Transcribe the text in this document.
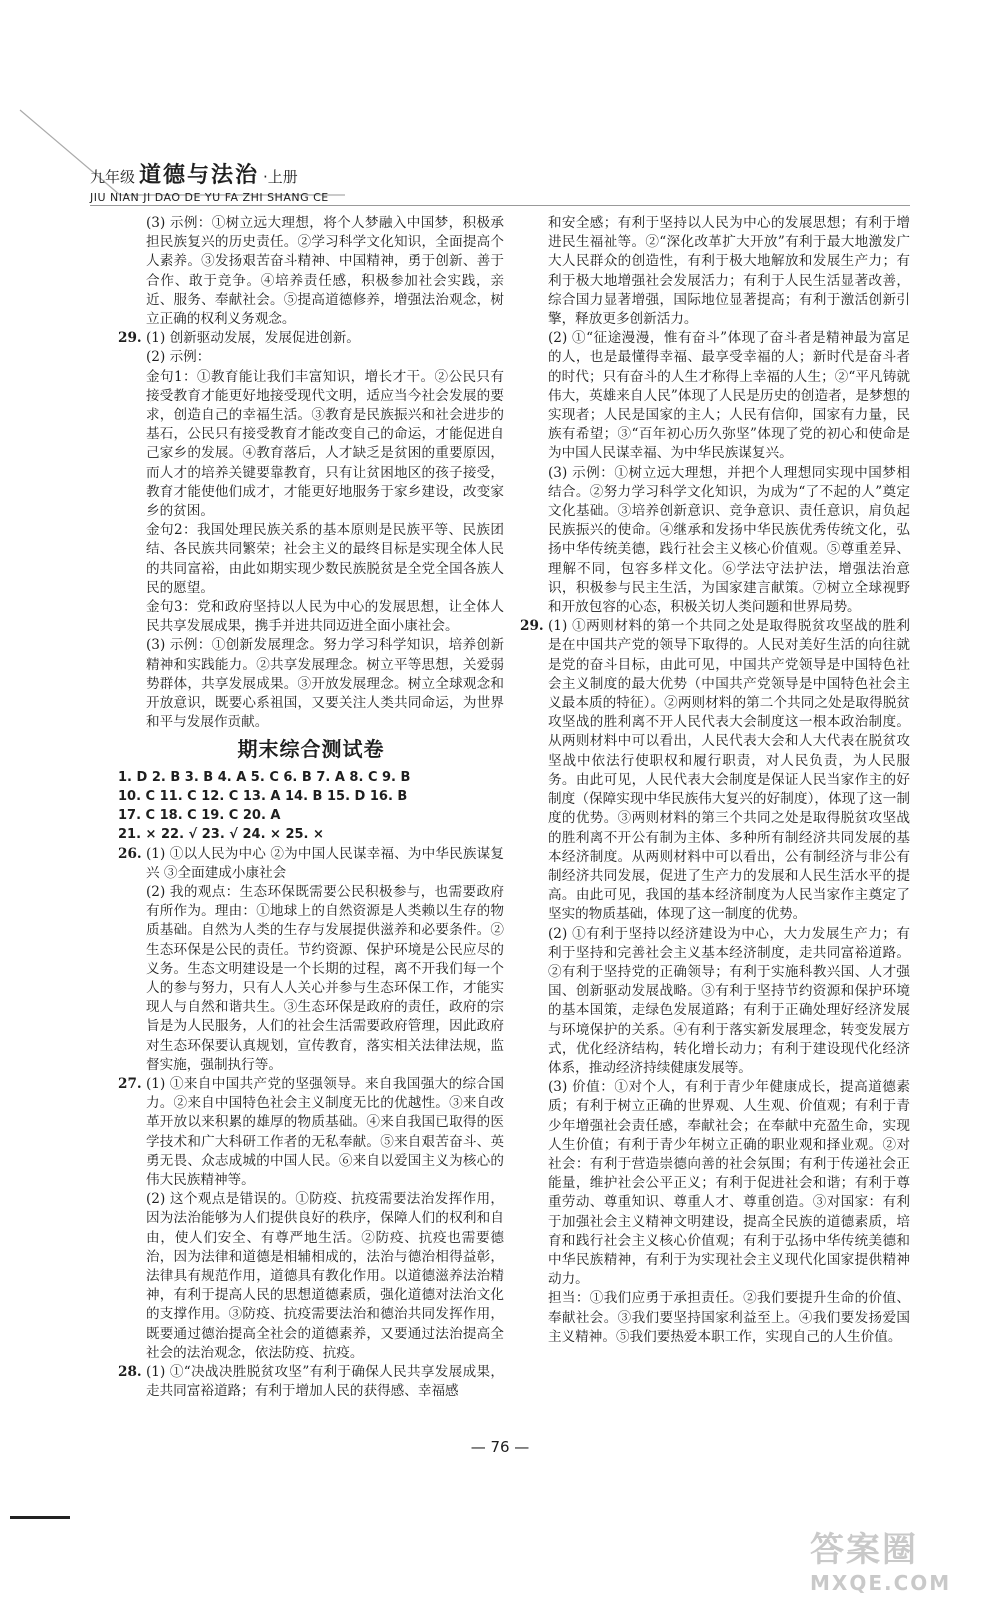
九年级 道德与法治 ·上册
JIU NIAN JI DAO DE YU FA ZHI SHANG CE

(3) 示例：①树立远大理想，将个人梦融入中国梦，积极承担民族复兴的历史责任。②学习科学文化知识，全面提高个人素养。③发扬艰苦奋斗精神、中国精神，勇于创新、善于合作、敢于竞争。④培养责任感，积极参加社会实践，亲近、服务、奉献社会。⑤提高道德修养，增强法治观念，树立正确的权利义务观念。

29. (1) 创新驱动发展，发展促进创新。

(2) 示例：

金句1：①教育能让我们丰富知识，增长才干。②公民只有接受教育才能更好地接受现代文明，适应当今社会发展的要求，创造自己的幸福生活。③教育是民族振兴和社会进步的基石，公民只有接受教育才能改变自己的命运，才能促进自己家乡的发展。④教育落后，人才缺乏是贫困的重要原因，而人才的培养关键要靠教育，只有让贫困地区的孩子接受，教育才能使他们成才，才能更好地服务于家乡建设，改变家乡的贫困。

金句2：我国处理民族关系的基本原则是民族平等、民族团结、各民族共同繁荣；社会主义的最终目标是实现全体人民的共同富裕，由此如期实现少数民族脱贫是全党全国各族人民的愿望。

金句3：党和政府坚持以人民为中心的发展思想，让全体人民共享发展成果，携手并进共同迈进全面小康社会。

(3) 示例：①创新发展理念。努力学习科学知识，培养创新精神和实践能力。②共享发展理念。树立平等思想，关爱弱势群体，共享发展成果。③开放发展理念。树立全球观念和开放意识，既要心系祖国，又要关注人类共同命运，为世界和平与发展作贡献。

期末综合测试卷

1. D 2. B 3. B 4. A 5. C 6. B 7. A 8. C 9. B

10. C 11. C 12. C 13. A 14. B 15. D 16. B

17. C 18. C 19. C 20. A

21. × 22. √ 23. √ 24. × 25. ×

26. (1) ①以人民为中心 ②为中国人民谋幸福、为中华民族谋复兴 ③全面建成小康社会

(2) 我的观点：生态环保既需要公民积极参与，也需要政府有所作为。理由：①地球上的自然资源是人类赖以生存的物质基础。自然为人类的生存与发展提供滋养和必要条件。②生态环保是公民的责任。节约资源、保护环境是公民应尽的义务。生态文明建设是一个长期的过程，离不开我们每一个人的参与努力，只有人人关心并参与生态环保工作，才能实现人与自然和谐共生。③生态环保是政府的责任，政府的宗旨是为人民服务，人们的社会生活需要政府管理，因此政府对生态环保要认真规划，宣传教育，落实相关法律法规，监督实施，强制执行等。

27. (1) ①来自中国共产党的坚强领导。来自我国强大的综合国力。②来自中国特色社会主义制度无比的优越性。③来自改革开放以来积累的雄厚的物质基础。④来自我国已取得的医学技术和广大科研工作者的无私奉献。⑤来自艰苦奋斗、英勇无畏、众志成城的中国人民。⑥来自以爱国主义为核心的伟大民族精神等。

(2) 这个观点是错误的。①防疫、抗疫需要法治发挥作用，因为法治能够为人们提供良好的秩序，保障人们的权利和自由，使人们安全、有尊严地生活。②防疫、抗疫也需要德治，因为法律和道德是相辅相成的，法治与德治相得益彰，法律具有规范作用，道德具有教化作用。以道德滋养法治精神，有利于提高人民的思想道德素质，强化道德对法治文化的支撑作用。③防疫、抗疫需要法治和德治共同发挥作用，既要通过德治提高全社会的道德素养，又要通过法治提高全社会的法治观念，依法防疫、抗疫。

28. (1) ①“决战决胜脱贫攻坚”有利于确保人民共享发展成果，走共同富裕道路；有利于增加人民的获得感、幸福感

和安全感；有利于坚持以人民为中心的发展思想；有利于增进民生福祉等。②“深化改革扩大开放”有利于最大地激发广大人民群众的创造性，有利于极大地解放和发展生产力；有利于极大地增强社会发展活力；有利于人民生活显著改善，综合国力显著增强，国际地位显著提高；有利于激活创新引擎，释放更多创新活力。

(2) ①“征途漫漫，惟有奋斗”体现了奋斗者是精神最为富足的人，也是最懂得幸福、最享受幸福的人；新时代是奋斗者的时代；只有奋斗的人生才称得上幸福的人生；②“平凡铸就伟大，英雄来自人民”体现了人民是历史的创造者，是梦想的实现者；人民是国家的主人；人民有信仰，国家有力量，民族有希望；③“百年初心历久弥坚”体现了党的初心和使命是为中国人民谋幸福、为中华民族谋复兴。

(3) 示例：①树立远大理想，并把个人理想同实现中国梦相结合。②努力学习科学文化知识，为成为“了不起的人”奠定文化基础。③培养创新意识、竞争意识、责任意识，肩负起民族振兴的使命。④继承和发扬中华民族优秀传统文化，弘扬中华传统美德，践行社会主义核心价值观。⑤尊重差异、理解不同，包容多样文化。⑥学法守法护法，增强法治意识，积极参与民主生活，为国家建言献策。⑦树立全球视野和开放包容的心态，积极关切人类问题和世界局势。

29. (1) ①两则材料的第一个共同之处是取得脱贫攻坚战的胜利是在中国共产党的领导下取得的。人民对美好生活的向往就是党的奋斗目标，由此可见，中国共产党领导是中国特色社会主义制度的最大优势（中国共产党领导是中国特色社会主义最本质的特征）。②两则材料的第二个共同之处是取得脱贫攻坚战的胜利离不开人民代表大会制度这一根本政治制度。从两则材料中可以看出，人民代表大会和人大代表在脱贫攻坚战中依法行使职权和履行职责，对人民负责，为人民服务。由此可见，人民代表大会制度是保证人民当家作主的好制度（保障实现中华民族伟大复兴的好制度），体现了这一制度的优势。③两则材料的第三个共同之处是取得脱贫攻坚战的胜利离不开公有制为主体、多种所有制经济共同发展的基本经济制度。从两则材料中可以看出，公有制经济与非公有制经济共同发展，促进了生产力的发展和人民生活水平的提高。由此可见，我国的基本经济制度为人民当家作主奠定了坚实的物质基础，体现了这一制度的优势。

(2) ①有利于坚持以经济建设为中心，大力发展生产力；有利于坚持和完善社会主义基本经济制度，走共同富裕道路。②有利于坚持党的正确领导；有利于实施科教兴国、人才强国、创新驱动发展战略。③有利于坚持节约资源和保护环境的基本国策，走绿色发展道路；有利于正确处理好经济发展与环境保护的关系。④有利于落实新发展理念，转变发展方式，优化经济结构，转化增长动力；有利于建设现代化经济体系，推动经济持续健康发展等。

(3) 价值：①对个人，有利于青少年健康成长，提高道德素质；有利于树立正确的世界观、人生观、价值观；有利于青少年增强社会责任感，奉献社会；在奉献中充盈生命，实现人生价值；有利于青少年树立正确的职业观和择业观。②对社会：有利于营造崇德向善的社会氛围；有利于传递社会正能量，维护社会公平正义；有利于促进社会和谐；有利于尊重劳动、尊重知识、尊重人才、尊重创造。③对国家：有利于加强社会主义精神文明建设，提高全民族的道德素质，培育和践行社会主义核心价值观；有利于弘扬中华传统美德和中华民族精神，有利于为实现社会主义现代化国家提供精神动力。

担当：①我们应勇于承担责任。②我们要提升生命的价值、奉献社会。③我们要坚持国家利益至上。④我们要发扬爱国主义精神。⑤我们要热爱本职工作，实现自己的人生价值。

— 76 —
答案圈
MXQE.COM
